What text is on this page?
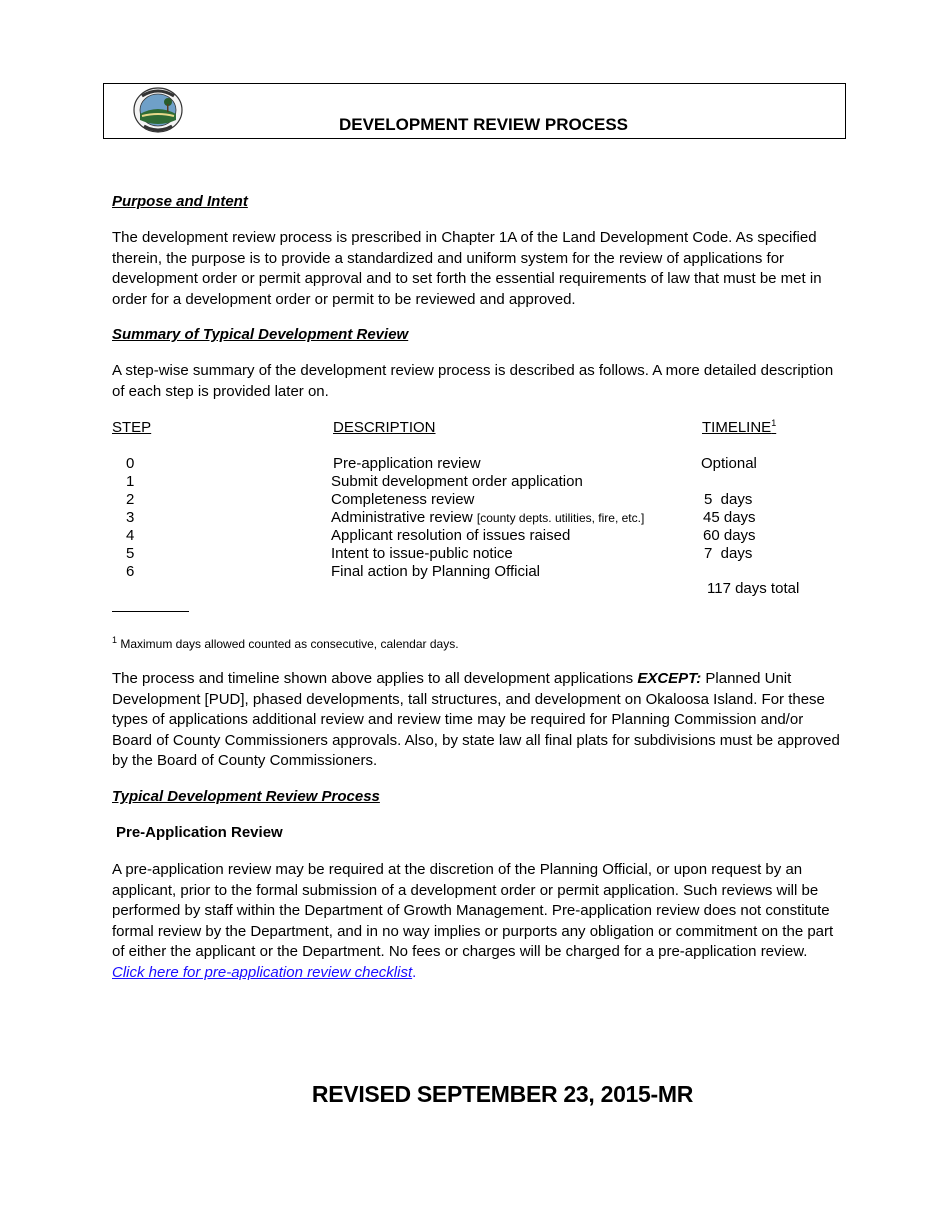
DEVELOPMENT REVIEW PROCESS
Purpose and Intent
The development review process is prescribed in Chapter 1A of the Land Development Code. As specified therein, the purpose is to provide a standardized and uniform system for the review of applications for development order or permit approval and to set forth the essential requirements of law that must be met in order for a development order or permit to be reviewed and approved.
Summary of Typical Development Review
A step-wise summary of the development review process is described as follows. A more detailed description of each step is provided later on.
STEP	DESCRIPTION	TIMELINE$^1$
0	Pre-application review	Optional
1	Submit development order application
2	Completeness review	5  days
3	Administrative review [county depts. utilities, fire, etc.]	45 days
4	Applicant resolution of issues raised	60 days
5	Intent to issue-public notice	7  days
6	Final action by Planning Official
117 days total
$^1$ Maximum days allowed counted as consecutive, calendar days.
The process and timeline shown above applies to all development applications EXCEPT: Planned Unit Development [PUD], phased developments, tall structures, and development on Okaloosa Island. For these types of applications additional review and review time may be required for Planning Commission and/or Board of County Commissioners approvals. Also, by state law all final plats for subdivisions must be approved by the Board of County Commissioners.
Typical Development Review Process
Pre-Application Review
A pre-application review may be required at the discretion of the Planning Official, or upon request by an applicant, prior to the formal submission of a development order or permit application. Such reviews will be performed by staff within the Department of Growth Management. Pre-application review does not constitute formal review by the Department, and in no way implies or purports any obligation or commitment on the part of either the applicant or the Department. No fees or charges will be charged for a pre-application review. Click here for pre-application review checklist.
REVISED SEPTEMBER 23, 2015-MR
